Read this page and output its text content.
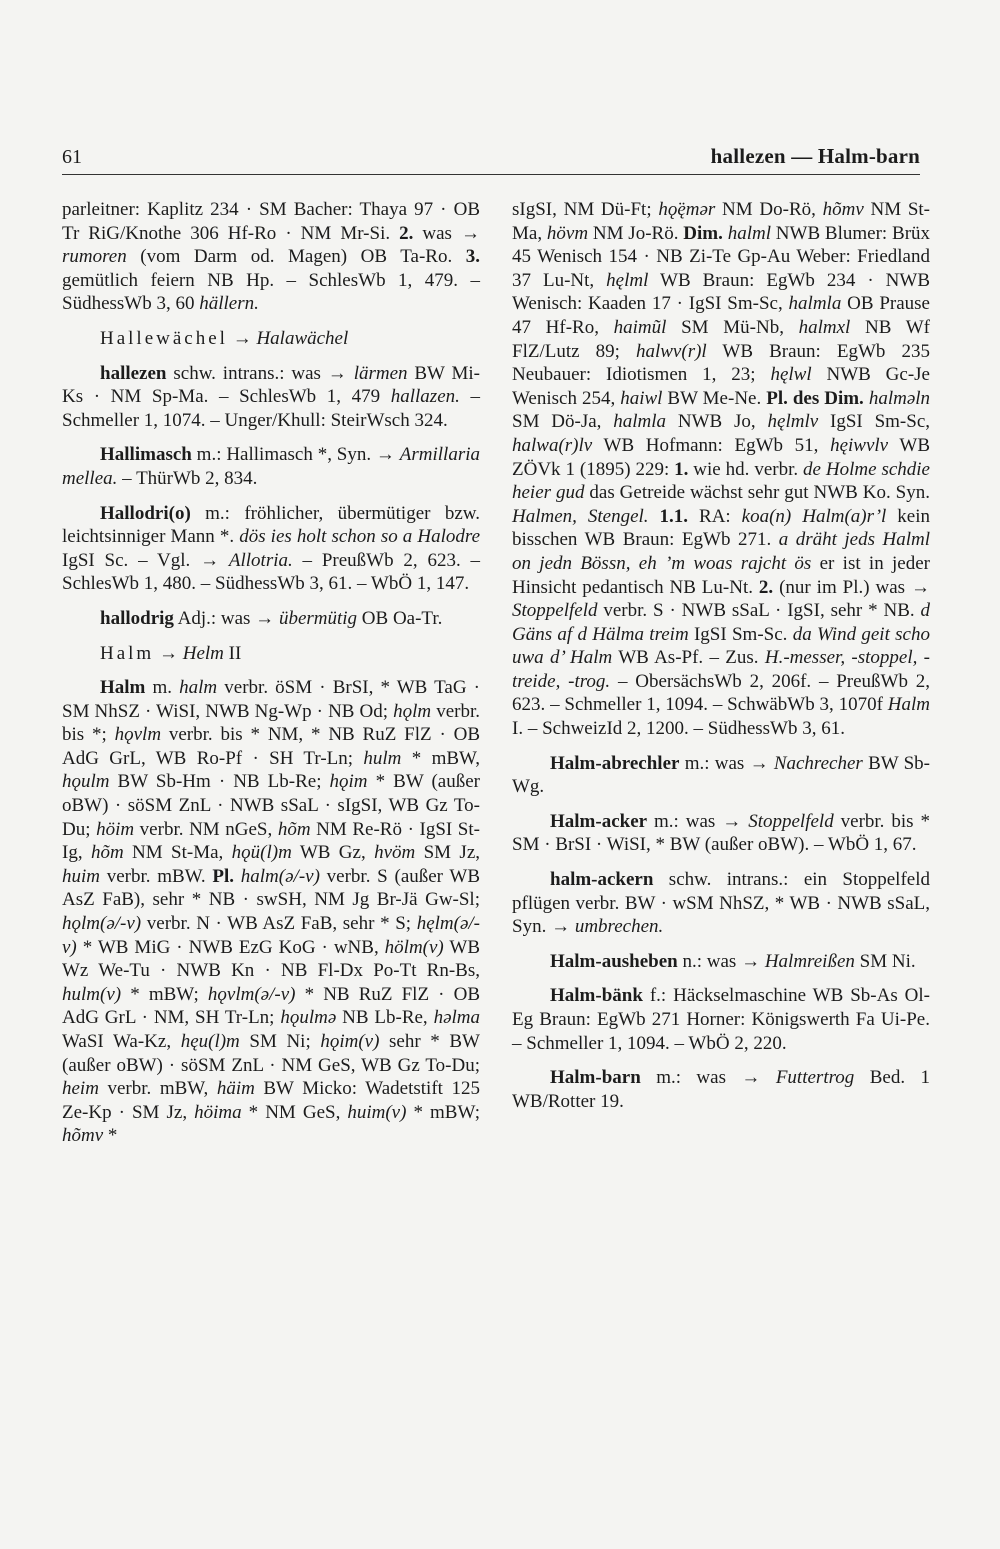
61	hallezen — Halm-barn

parleitner: Kaplitz 234 · SM Bacher: Thaya 97 · OB Tr RiG/Knothe 306 Hf-Ro · NM Mr-Si. 2. was → rumoren (vom Darm od. Magen) OB Ta-Ro. 3. gemütlich feiern NB Hp. – SchlesWb 1, 479. – SüdhessWb 3, 60 hällern.

Hallewächel → Halawächel

hallezen schw. intrans.: was → lärmen BW Mi-Ks · NM Sp-Ma. – SchlesWb 1, 479 hallazen. – Schmeller 1, 1074. – Unger/Khull: SteirWsch 324.

Hallimasch m.: Hallimasch *, Syn. → Armillaria mellea. – ThürWb 2, 834.

Hallodri(o) m.: fröhlicher, übermütiger bzw. leichtsinniger Mann *. dös ies holt schon so a Halodre IgSI Sc. – Vgl. → Allotria. – PreußWb 2, 623. – SchlesWb 1, 480. – SüdhessWb 3, 61. – WbÖ 1, 147.

hallodrig Adj.: was → übermütig OB Oa-Tr.

Halm → Helm II

Halm m. halm verbr. öSM · BrSI, * WB TaG · SM NhSZ · WiSI, NWB Ng-Wp · NB Od; hǫlm verbr. bis *; hǫvlm verbr. bis * NM, * NB RuZ FlZ · OB AdG GrL, WB Ro-Pf · SH Tr-Ln; hulm * mBW, hǫulm BW Sb-Hm · NB Lb-Re; hǫim * BW (außer oBW) · söSM ZnL · NWB sSaL · sIgSI, WB Gz To-Du; höim verbr. NM nGeS, hõm NM Re-Rö · IgSI St-Ig, hõm NM St-Ma, hǫü(l)m WB Gz, hvöm SM Jz, huim verbr. mBW. Pl. halm(ə/-v) verbr. S (außer WB AsZ FaB), sehr * NB · swSH, NM Jg Br-Jä Gw-Sl; hǫlm(ə/-v) verbr. N · WB AsZ FaB, sehr * S; hęlm(ə/-v) * WB MiG · NWB EzG KoG · wNB, hölm(v) WB Wz We-Tu · NWB Kn · NB Fl-Dx Po-Tt Rn-Bs, hulm(v) * mBW; hǫvlm(ə/-v) * NB RuZ FlZ · OB AdG GrL · NM, SH Tr-Ln; hǫulmə NB Lb-Re, həlma WaSI Wa-Kz, hęu(l)m SM Ni; hǫim(v) sehr * BW (außer oBW) · söSM ZnL · NM GeS, WB Gz To-Du; heim verbr. mBW, häim BW Micko: Wadetstift 125 Ze-Kp · SM Jz, höima * NM GeS, huim(v) * mBW; hõmv *

sIgSI, NM Dü-Ft; hǫ̈ęmər NM Do-Rö, hõmv NM St-Ma, hövm NM Jo-Rö. Dim. halml NWB Blumer: Brüx 45 Wenisch 154 · NB Zi-Te Gp-Au Weber: Friedland 37 Lu-Nt, hęlml WB Braun: EgWb 234 · NWB Wenisch: Kaaden 17 · IgSI Sm-Sc, halmla OB Prause 47 Hf-Ro, haimũl SM Mü-Nb, halmxl NB Wf FlZ/Lutz 89; halwv(r)l WB Braun: EgWb 235 Neubauer: Idiotismen 1, 23; hęlwl NWB Gc-Je Wenisch 254, haiwl BW Me-Ne. Pl. des Dim. halməln SM Dö-Ja, halmla NWB Jo, hęlmlv IgSI Sm-Sc, halwa(r)lv WB Hofmann: EgWb 51, hęiwvlv WB ZÖVk 1 (1895) 229: 1. wie hd. verbr. de Holme schdie heier gud das Getreide wächst sehr gut NWB Ko. Syn. Halmen, Stengel. 1.1. RA: koa(n) Halm(a)r’l kein bisschen WB Braun: EgWb 271. a dräht jeds Halml on jedn Bössn, eh ’m woas rajcht ös er ist in jeder Hinsicht pedantisch NB Lu-Nt. 2. (nur im Pl.) was → Stoppelfeld verbr. S · NWB sSaL · IgSI, sehr * NB. d Gäns af d Hälma treim IgSI Sm-Sc. da Wind geit scho uwa d’ Halm WB As-Pf. – Zus. H.-messer, -stoppel, -treide, -trog. – ObersächsWb 2, 206f. – PreußWb 2, 623. – Schmeller 1, 1094. – SchwäbWb 3, 1070f Halm I. – SchweizId 2, 1200. – SüdhessWb 3, 61.

Halm-abrechler m.: was → Nachrecher BW Sb-Wg.

Halm-acker m.: was → Stoppelfeld verbr. bis * SM · BrSI · WiSI, * BW (außer oBW). – WbÖ 1, 67.

halm-ackern schw. intrans.: ein Stoppelfeld pflügen verbr. BW · wSM NhSZ, * WB · NWB sSaL, Syn. → umbrechen.

Halm-ausheben n.: was → Halmreißen SM Ni.

Halm-bänk f.: Häckselmaschine WB Sb-As Ol-Eg Braun: EgWb 271 Horner: Königswerth Fa Ui-Pe. – Schmeller 1, 1094. – WbÖ 2, 220.

Halm-barn m.: was → Futtertrog Bed. 1 WB/Rotter 19.
